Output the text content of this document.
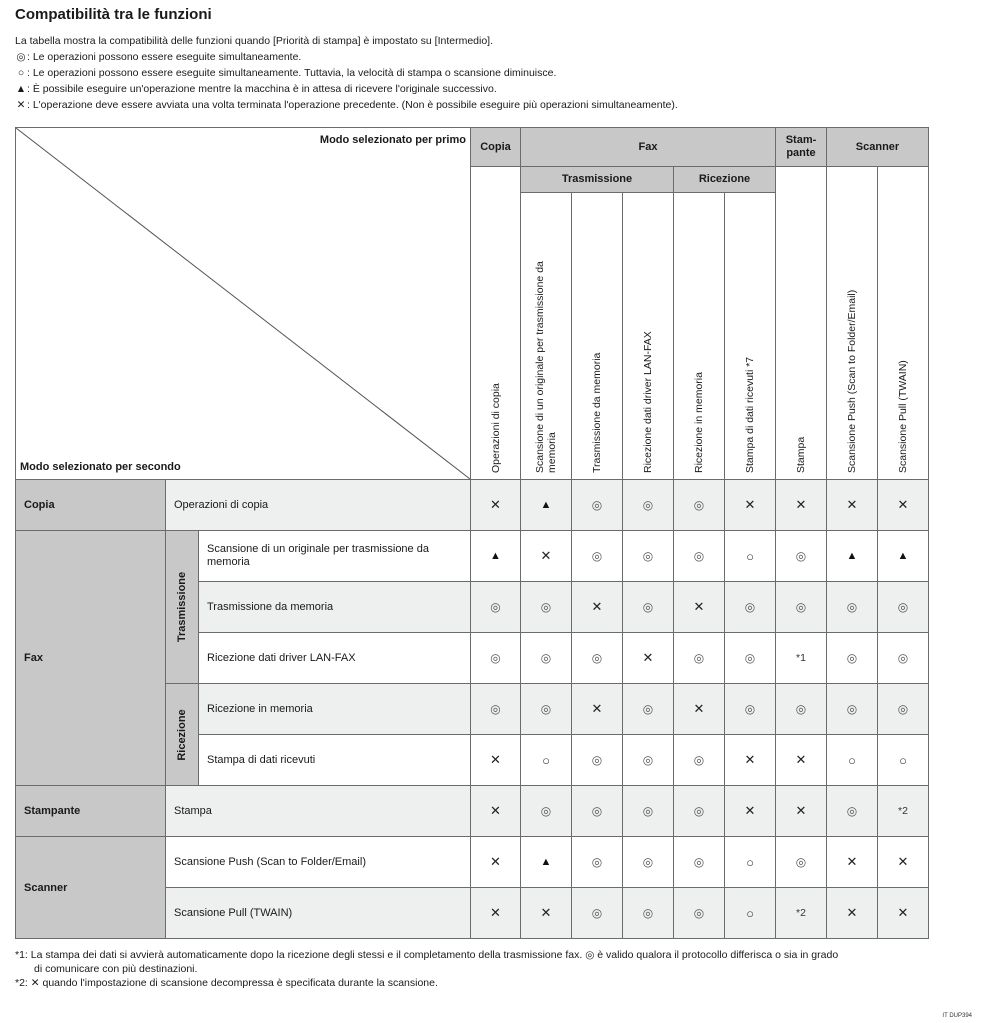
Compatibilità tra le funzioni
La tabella mostra la compatibilità delle funzioni quando [Priorità di stampa] è impostato su [Intermedio].
◎: Le operazioni possono essere eseguite simultaneamente.
○ : Le operazioni possono essere eseguite simultaneamente. Tuttavia, la velocità di stampa o scansione diminuisce.
▲: È possibile eseguire un'operazione mentre la macchina è in attesa di ricevere l'originale successivo.
✕ : L'operazione deve essere avviata una volta terminata l'operazione precedente. (Non è possibile eseguire più operazioni simultaneamente).
Modo selezionato per primo
Modo selezionato per secondo
Copia	Fax
Stam-
pante
Scanner
Trasmissione	Ricezione
Operazioni di copia	Scansione di un originale per trasmissione da memoria	Trasmissione da memoria	Ricezione dati driver LAN-FAX	Ricezione in memoria	Stampa di dati ricevuti *7	Stampa	Scansione Push (Scan to Folder/Email)	Scansione Pull (TWAIN)
Copia
Fax
Stampante
Scanner
Trasmissione
Ricezione
Operazioni di copia	✕	▲	◎	◎	◎	✕	✕	✕	✕
Scansione di un originale per trasmissione da memoria	▲	✕	◎	◎	◎	○	◎	▲	▲
Trasmissione da memoria	◎	◎	✕	◎	✕	◎	◎	◎	◎
Ricezione dati driver LAN-FAX	◎	◎	◎	✕	◎	◎	*1	◎	◎
Ricezione in memoria	◎	◎	✕	◎	✕	◎	◎	◎	◎
Stampa di dati ricevuti	✕	○	◎	◎	◎	✕	✕	○	○
Stampa	✕	◎	◎	◎	◎	✕	✕	◎	*2
Scansione Push (Scan to Folder/Email)	✕	▲	◎	◎	◎	○	◎	✕	✕
Scansione Pull (TWAIN)	✕	✕	◎	◎	◎	○	*2	✕	✕
*1: La stampa dei dati si avvierà automaticamente dopo la ricezione degli stessi e il completamento della trasmissione fax. ◎ è valido qualora il protocollo differisca o sia in grado
di comunicare con più destinazioni.
*2: ✕ quando l'impostazione di scansione decompressa è specificata durante la scansione.
IT DUP394
